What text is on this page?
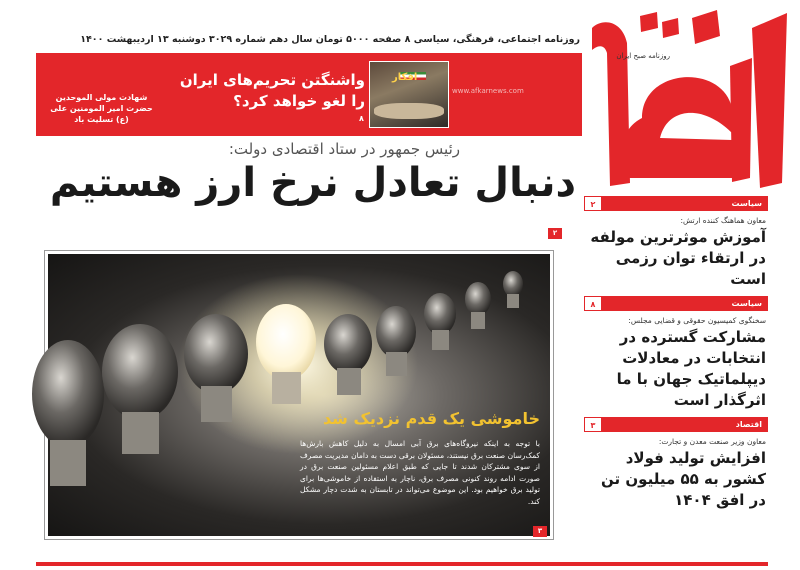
روزنامه اجتماعی، فرهنگی، سیاسی ۸ صفحه ۵۰۰۰ تومان سال دهم شماره ۳۰۲۹ دوشنبه ۱۳ اردیبهشت ۱۴۰۰
روزنامه صبح ایران
شهادت مولی الموحدین حضرت امیر المومنین علی (ع) تسلیت باد
افکار
www.afkarnews.com
۸
واشنگتن تحریم‌های ایران را لغو خواهد کرد؟
رئیس جمهور در ستاد اقتصادی دولت:
دنبال تعادل نرخ ارز هستیم
۲
خاموشی یک قدم نزدیک شد
با توجه به اینکه نیروگاه‌های برق آبی امسال به دلیل کاهش بارش‌ها کمک‌رسان صنعت برق نیستند، مسئولان برقی دست به دامان مدیریت مصرف از سوی مشترکان شدند تا جایی که طبق اعلام مسئولین صنعت برق در صورت ادامه روند کنونی مصرف برق، ناچار به استفاده از خاموشی‌ها برای تولید برق خواهیم بود. این موضوع می‌تواند در تابستان به شدت دچار مشکل کند.
۳
سیاست
۲
معاون هماهنگ کننده ارتش:
آموزش موثرترین مولفه در ارتقاء توان رزمی است
سیاست
۸
سخنگوی کمیسیون حقوقی و قضایی مجلس:
مشارکت گسترده در انتخابات در معادلات دیپلماتیک جهان با ما اثرگذار است
اقتصاد
۳
معاون وزیر صنعت معدن و تجارت:
افزایش تولید فولاد کشور به ۵۵ میلیون تن در افق ۱۴۰۴
